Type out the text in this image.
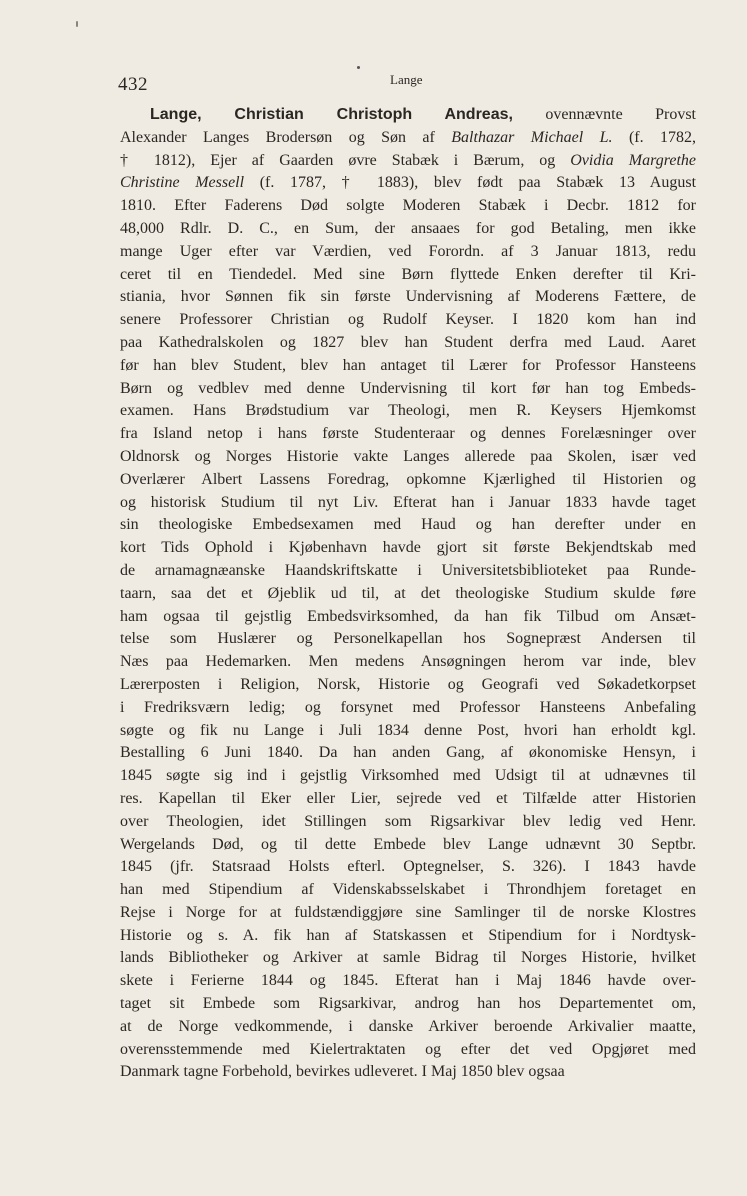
432	Lange
Lange, Christian Christoph Andreas, ovennævnte Provst
Alexander Langes Brodersøn og Søn af Balthazar Michael L. (f. 1782,
† 1812), Ejer af Gaarden øvre Stabæk i Bærum, og Ovidia Margrethe
Christine Messell (f. 1787, † 1883), blev født paa Stabæk 13 August
1810. Efter Faderens Død solgte Moderen Stabæk i Decbr. 1812 for
48,000 Rdlr. D. C., en Sum, der ansaaes for god Betaling, men ikke
mange Uger efter var Værdien, ved Forordn. af 3 Januar 1813, redu
ceret til en Tiendedel. Med sine Børn flyttede Enken derefter til Kri-
stiania, hvor Sønnen fik sin første Undervisning af Moderens Fættere, de
senere Professorer Christian og Rudolf Keyser. I 1820 kom han ind
paa Kathedralskolen og 1827 blev han Student derfra med Laud. Aaret
før han blev Student, blev han antaget til Lærer for Professor Hansteens
Børn og vedblev med denne Undervisning til kort før han tog Embeds-
examen. Hans Brødstudium var Theologi, men R. Keysers Hjemkomst
fra Island netop i hans første Studenteraar og dennes Forelæsninger over
Oldnorsk og Norges Historie vakte Langes allerede paa Skolen, især ved
Overlærer Albert Lassens Foredrag, opkomne Kjærlighed til Historien og
og historisk Studium til nyt Liv. Efterat han i Januar 1833 havde taget
sin theologiske Embedsexamen med Haud og han derefter under en
kort Tids Ophold i Kjøbenhavn havde gjort sit første Bekjendtskab med
de arnamagnæanske Haandskriftskatte i Universitetsbiblioteket paa Runde-
taarn, saa det et Øjeblik ud til, at det theologiske Studium skulde føre
ham ogsaa til gejstlig Embedsvirksomhed, da han fik Tilbud om Ansæt-
telse som Huslærer og Personelkapellan hos Sognepræst Andersen til
Næs paa Hedemarken. Men medens Ansøgningen herom var inde, blev
Lærerposten i Religion, Norsk, Historie og Geografi ved Søkadetkorpset
i Fredriksværn ledig; og forsynet med Professor Hansteens Anbefaling
søgte og fik nu Lange i Juli 1834 denne Post, hvori han erholdt kgl.
Bestalling 6 Juni 1840. Da han anden Gang, af økonomiske Hensyn, i
1845 søgte sig ind i gejstlig Virksomhed med Udsigt til at udnævnes til
res. Kapellan til Eker eller Lier, sejrede ved et Tilfælde atter Historien
over Theologien, idet Stillingen som Rigsarkivar blev ledig ved Henr.
Wergelands Død, og til dette Embede blev Lange udnævnt 30 Septbr.
1845 (jfr. Statsraad Holsts efterl. Optegnelser, S. 326). I 1843 havde
han med Stipendium af Videnskabsselskabet i Throndhjem foretaget en
Rejse i Norge for at fuldstændiggjøre sine Samlinger til de norske Klostres
Historie og s. A. fik han af Statskassen et Stipendium for i Nordtysk-
lands Bibliotheker og Arkiver at samle Bidrag til Norges Historie, hvilket
skete i Ferierne 1844 og 1845. Efterat han i Maj 1846 havde over-
taget sit Embede som Rigsarkivar, androg han hos Departementet om,
at de Norge vedkommende, i danske Arkiver beroende Arkivalier maatte,
overensstemmende med Kielertraktaten og efter det ved Opgjøret med
Danmark tagne Forbehold, bevirkes udleveret. I Maj 1850 blev ogsaa
